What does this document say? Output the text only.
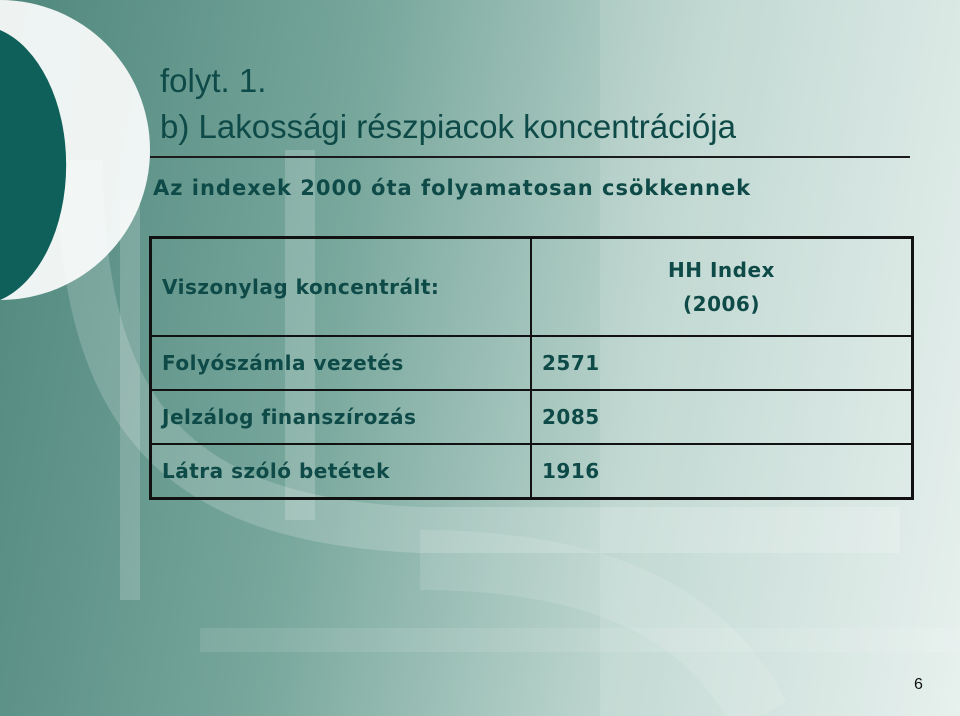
folyt. 1.
b) Lakossági részpiacok koncentrációja
Az indexek 2000 óta folyamatosan csökkennek
Viszonylag koncentrált:	HH Index
(2006)

Folyószámla vezetés	2571
Jelzálog finanszírozás	2085
Látra szóló betétek	1916
6
